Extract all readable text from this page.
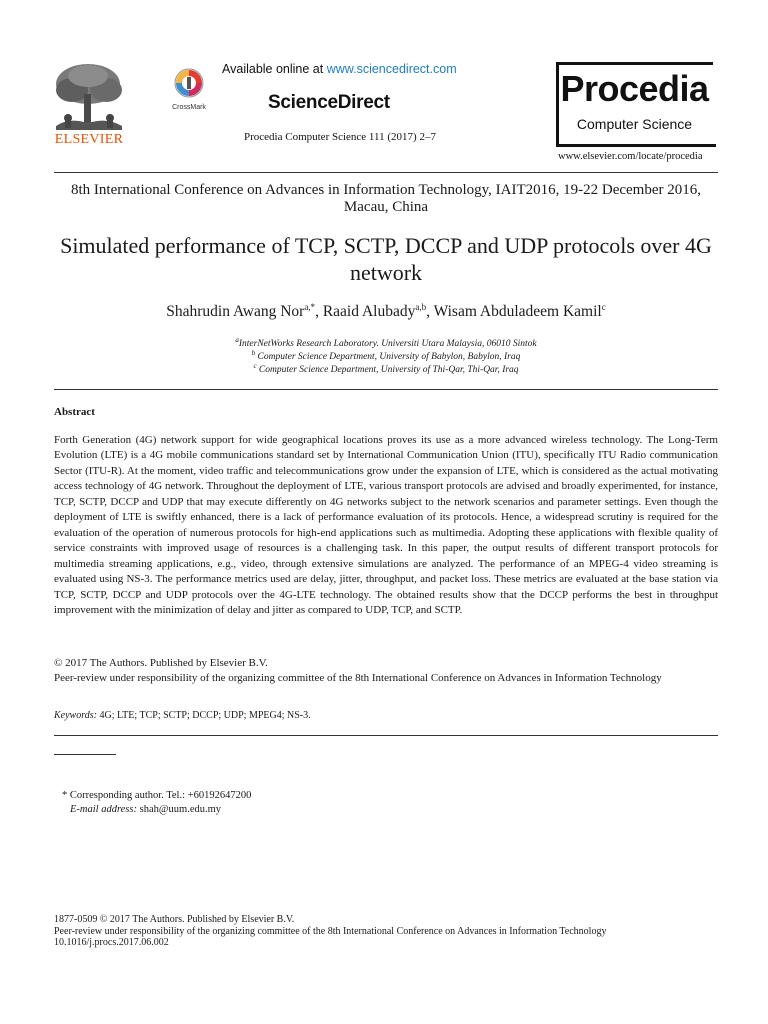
ELSEVIER
CrossMark
Available online at www.sciencedirect.com
ScienceDirect
Procedia Computer Science 111 (2017) 2–7
Procedia
Computer Science
www.elsevier.com/locate/procedia
8th International Conference on Advances in Information Technology, IAIT2016, 19-22 December 2016, Macau, China
Simulated performance of TCP, SCTP, DCCP and UDP protocols over 4G network
Shahrudin Awang Nor$^{a,*}$, Raaid Alubady$^{a,b}$, Wisam Abduladeem Kamil$^c$
$^a$InterNetWorks Research Laboratory. Universiti Utara Malaysia, 06010 Sintok
$^b$ Computer Science Department, University of Babylon, Babylon, Iraq
$^c$ Computer Science Department, University of Thi-Qar, Thi-Qar, Iraq
Abstract
Forth Generation (4G) network support for wide geographical locations proves its use as a more advanced wireless technology. The Long-Term Evolution (LTE) is a 4G mobile communications standard set by International Communication Union (ITU), specifically ITU Radio communication Sector (ITU-R). At the moment, video traffic and telecommunications grow under the expansion of LTE, which is considered as the actual motivating access technology of 4G network. Throughout the deployment of LTE, various transport protocols are advised and broadly experimented, for instance, TCP, SCTP, DCCP and UDP that may execute differently on 4G networks subject to the network scenarios and parameter settings. Even though the deployment of LTE is swiftly enhanced, there is a lack of performance evaluation of its protocols. Hence, a widespread scrutiny is required for the evaluation of the operation of numerous protocols for high-end applications such as multimedia. Adopting these applications with flexible quality of service constraints with improved usage of resources is a challenging task. In this paper, the output results of different transport protocols for multimedia streaming applications, e.g., video, through extensive simulations are analyzed. The performance of an MPEG-4 video streaming is evaluated using NS-3. The performance metrics used are delay, jitter, throughput, and packet loss. These metrics are evaluated at the base station via TCP, SCTP, DCCP and UDP protocols over the 4G-LTE technology. The obtained results show that the DCCP performs the best in throughput improvement with the minimization of delay and jitter as compared to UDP, TCP, and SCTP.
© 2017 The Authors. Published by Elsevier B.V.
Peer-review under responsibility of the organizing committee of the 8th International Conference on Advances in Information Technology
Keywords: 4G; LTE; TCP; SCTP; DCCP; UDP; MPEG4; NS-3.
* Corresponding author. Tel.: +60192647200
E-mail address: shah@uum.edu.my
1877-0509 © 2017 The Authors. Published by Elsevier B.V.
Peer-review under responsibility of the organizing committee of the 8th International Conference on Advances in Information Technology
10.1016/j.procs.2017.06.002
